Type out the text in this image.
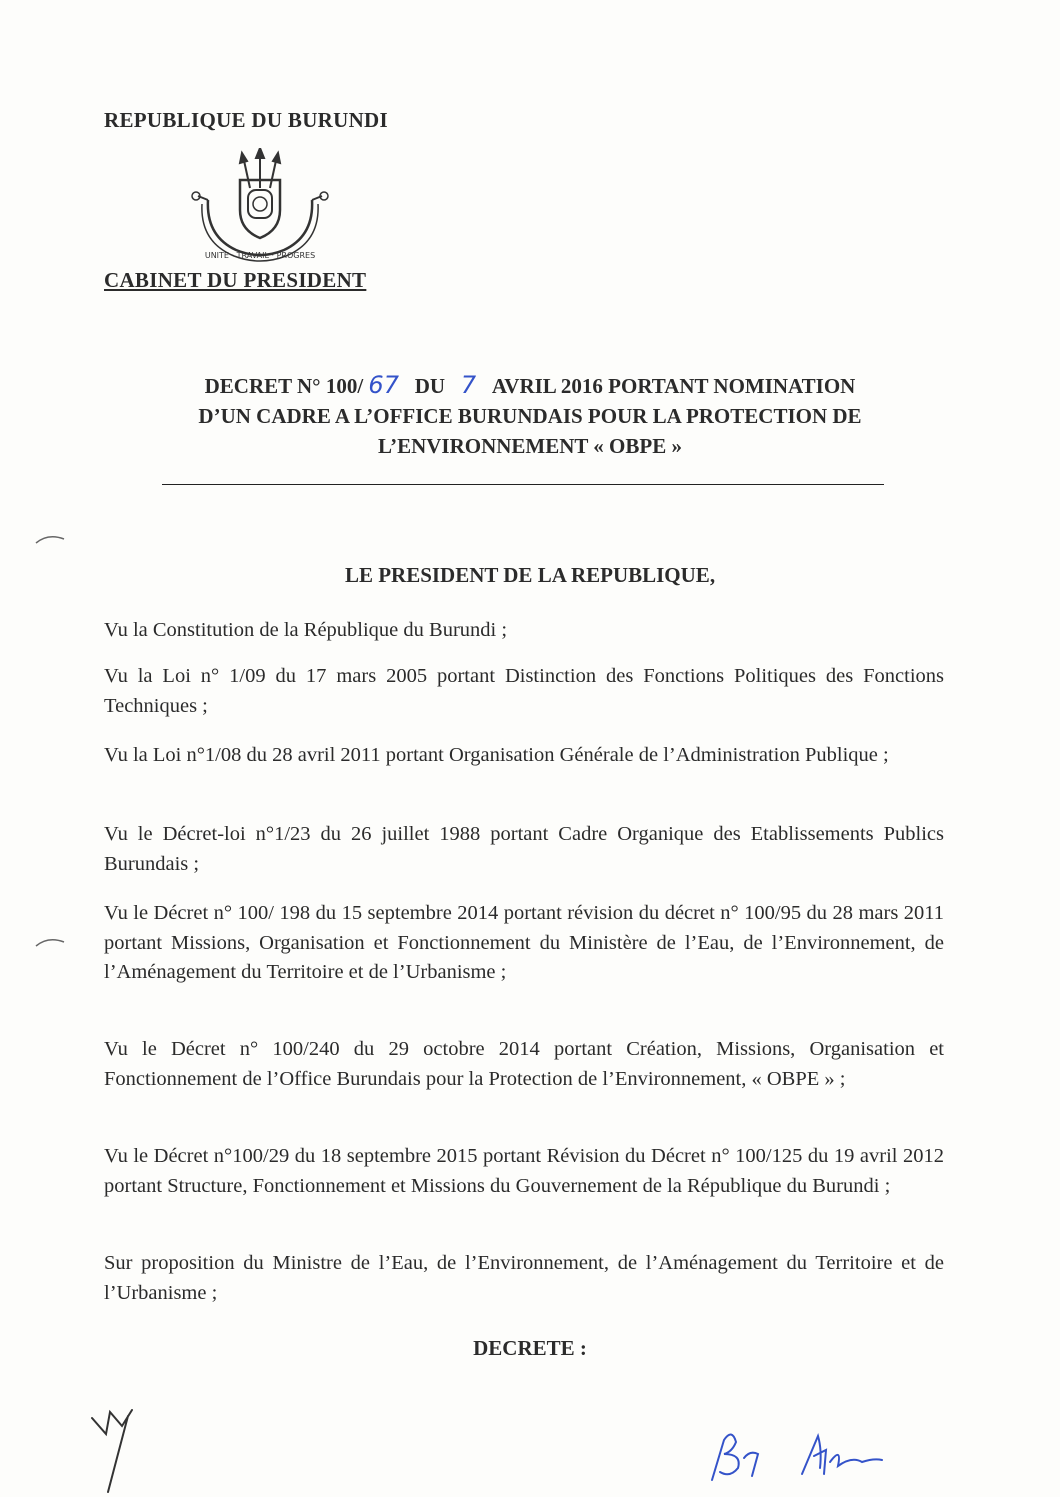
REPUBLIQUE DU BURUNDI
UNITE · TRAVAIL · PROGRES
CABINET DU PRESIDENT
DECRET N° 100/ 67 DU 7 AVRIL 2016 PORTANT NOMINATION
D’UN CADRE A L’OFFICE BURUNDAIS POUR LA PROTECTION DE
L’ENVIRONNEMENT « OBPE »
LE PRESIDENT DE LA REPUBLIQUE,
Vu la Constitution de la République du Burundi ;
Vu la Loi n° 1/09 du 17 mars 2005 portant Distinction des Fonctions Politiques des Fonctions Techniques ;
Vu la Loi n°1/08 du 28 avril 2011 portant Organisation Générale de l’Administration Publique ;
Vu le Décret-loi n°1/23 du 26 juillet 1988 portant Cadre Organique des Etablissements Publics Burundais ;
Vu le Décret n° 100/ 198 du 15 septembre 2014 portant révision du décret n° 100/95 du 28 mars 2011 portant Missions, Organisation et Fonctionnement du Ministère de l’Eau, de l’Environnement, de l’Aménagement du Territoire et de l’Urbanisme ;
Vu le Décret n° 100/240 du 29 octobre 2014 portant Création, Missions, Organisation et Fonctionnement de l’Office Burundais pour la Protection de l’Environnement, « OBPE » ;
Vu le Décret n°100/29 du 18 septembre 2015 portant Révision du Décret n° 100/125 du 19 avril 2012 portant Structure, Fonctionnement et Missions du Gouvernement de la République du Burundi ;
Sur proposition du Ministre de l’Eau, de l’Environnement, de l’Aménagement du Territoire et de l’Urbanisme ;
DECRETE :
